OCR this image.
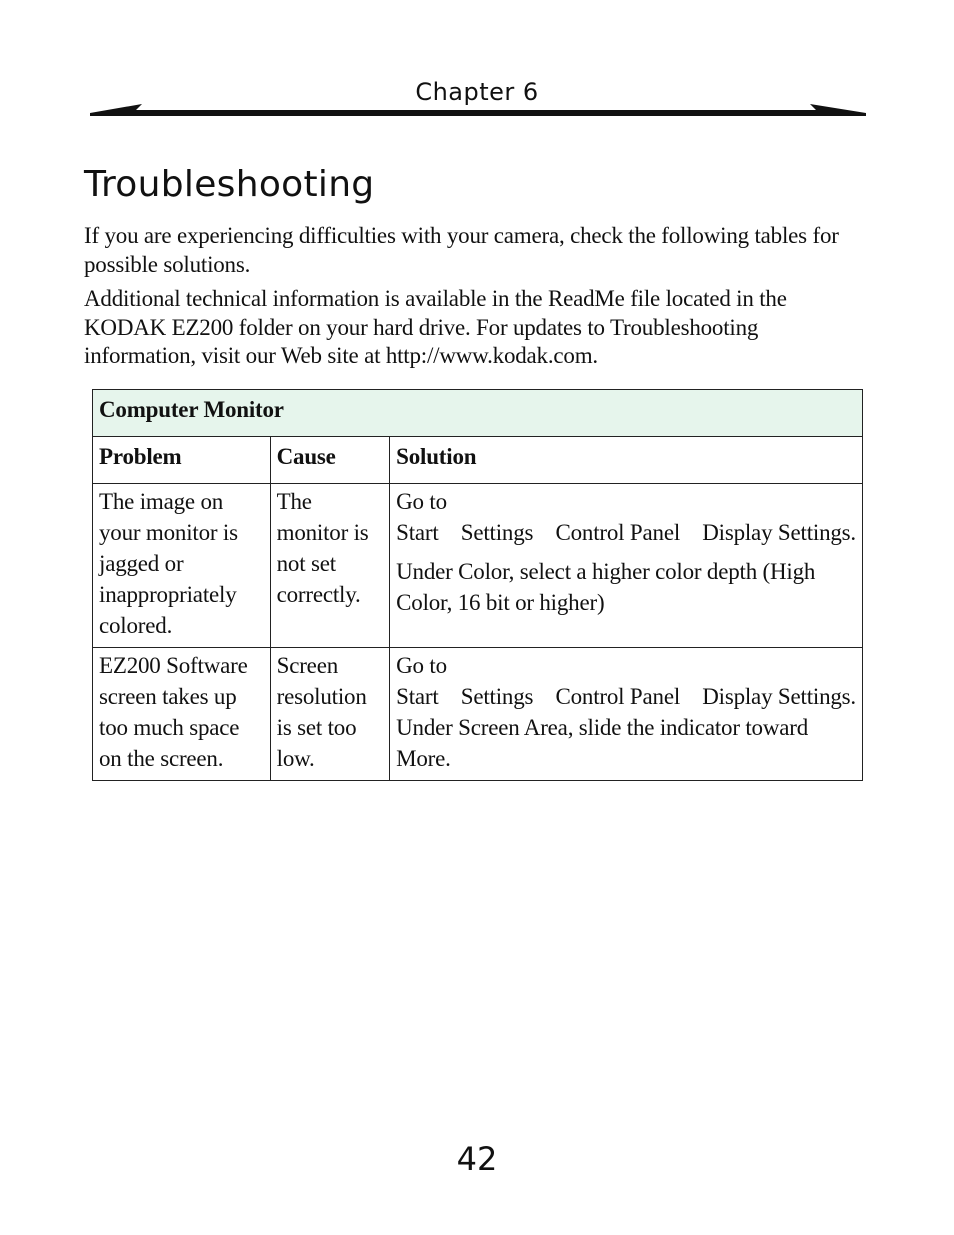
Chapter 6
Troubleshooting

If you are experiencing difficulties with your camera, check the following tables for possible solutions.

Additional technical information is available in the ReadMe file located in the KODAK EZ200 folder on your hard drive. For updates to Troubleshooting information, visit our Web site at http://www.kodak.com.

Computer Monitor		
Problem	Cause	Solution
The image on your monitor is jagged or inappropriately colored.	The monitor is not set correctly.	Go to
Start    Settings    Control Panel    Display Settings.
Under Color, select a higher color depth (High Color, 16 bit or higher)

EZ200 Software screen takes up too much space on the screen.	Screen resolution is set too low.	Go to
Start    Settings    Control Panel    Display Settings.
Under Screen Area, slide the indicator toward More.
42
